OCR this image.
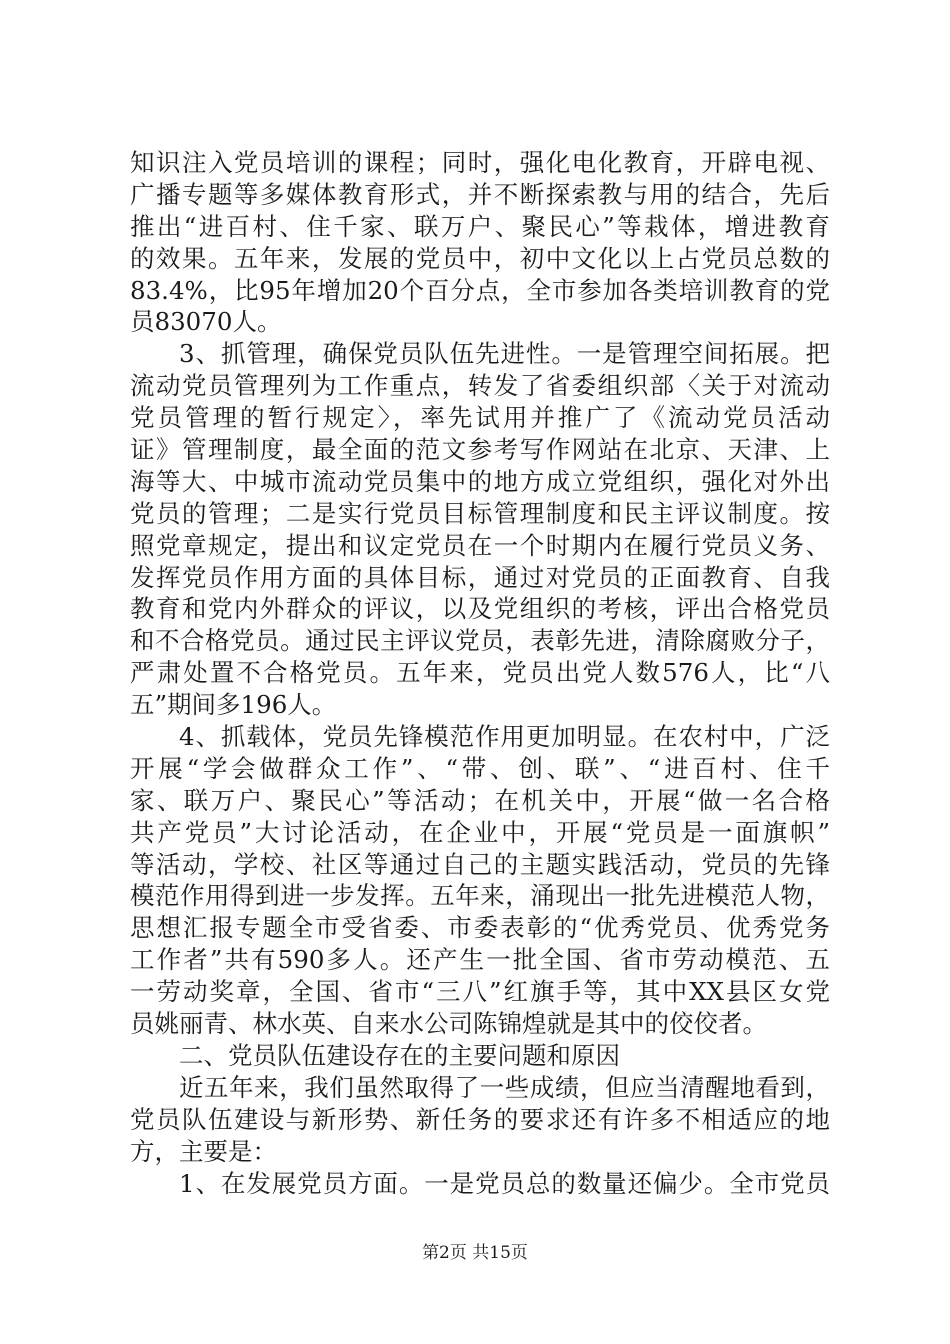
知识注入党员培训的课程；同时，强化电化教育，开辟电视、
广播专题等多媒体教育形式，并不断探索教与用的结合，先后
推出“进百村、住千家、联万户、聚民心”等栽体，增进教育
的效果。五年来，发展的党员中，初中文化以上占党员总数的
83.4%，比95年增加20个百分点，全市参加各类培训教育的党
员83070人。
3、抓管理，确保党员队伍先进性。一是管理空间拓展。把
流动党员管理列为工作重点，转发了省委组织部〈关于对流动
党员管理的暂行规定〉，率先试用并推广了《流动党员活动
证》管理制度，最全面的范文参考写作网站在北京、天津、上
海等大、中城市流动党员集中的地方成立党组织，强化对外出
党员的管理；二是实行党员目标管理制度和民主评议制度。按
照党章规定，提出和议定党员在一个时期内在履行党员义务、
发挥党员作用方面的具体目标，通过对党员的正面教育、自我
教育和党内外群众的评议，以及党组织的考核，评出合格党员
和不合格党员。通过民主评议党员，表彰先进，清除腐败分子，
严肃处置不合格党员。五年来，党员出党人数576人，比“八
五”期间多196人。
4、抓载体，党员先锋模范作用更加明显。在农村中，广泛
开展“学会做群众工作”、“带、创、联”、“进百村、住千
家、联万户、聚民心”等活动；在机关中，开展“做一名合格
共产党员”大讨论活动，在企业中，开展“党员是一面旗帜”
等活动，学校、社区等通过自己的主题实践活动，党员的先锋
模范作用得到进一步发挥。五年来，涌现出一批先进模范人物，
思想汇报专题全市受省委、市委表彰的“优秀党员、优秀党务
工作者”共有590多人。还产生一批全国、省市劳动模范、五
一劳动奖章，全国、省市“三八”红旗手等，其中XX县区女党
员姚丽青、林水英、自来水公司陈锦煌就是其中的佼佼者。
二、党员队伍建设存在的主要问题和原因
近五年来，我们虽然取得了一些成绩，但应当清醒地看到，
党员队伍建设与新形势、新任务的要求还有许多不相适应的地
方，主要是：
1、在发展党员方面。一是党员总的数量还偏少。全市党员
第2页 共15页
